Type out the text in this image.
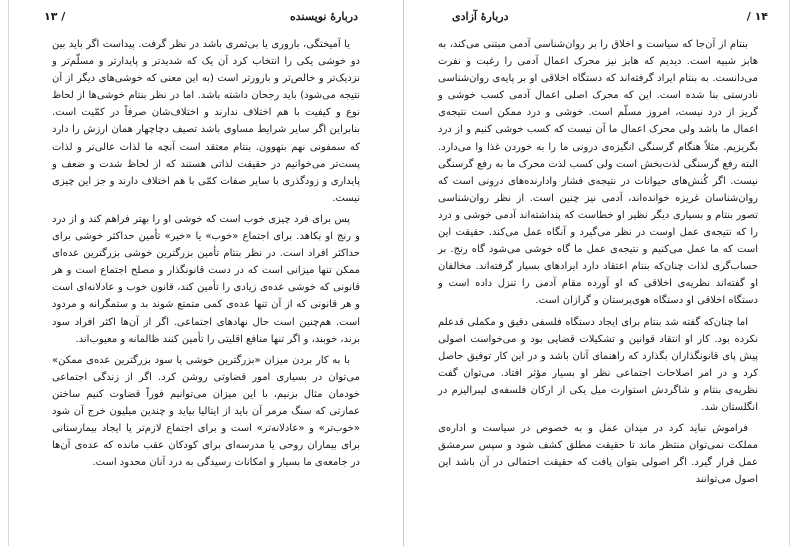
دربارهٔ نویسنده
/ ۱۳

یا آمیختگی، باروری یا بی‌ثمری باشد در نظر گرفت. پیداست اگر باید بین دو خوشی یکی را انتخاب کرد آن یک که شدیدتر و پایدارتر و مسلّم‌تر و نزدیک‌تر و خالص‌تر و بارورتر است (به این معنی که خوشی‌های دیگر از آن نتیجه می‌شود) باید رجحان داشته باشد. اما در نظر بنتام خوشی‌ها از لحاظ نوع و کیفیت با هم اختلاف ندارند و اختلاف‌شان صرفاً در کمّیت است. بنابراین اگر سایر شرایط مساوی باشد تصیف دچاچهار همان ارزش را دارد که سمفونی نهم بتهوون. بنتام معتقد است آنچه ما لذات عالی‌تر و لذات پست‌تر می‌خوانیم در حقیقت لذاتی هستند که از لحاظ شدت و ضعف و پایداری و زودگذری با سایر صفات کمّی با هم اختلاف دارند و جز این چیزی نیست.

پس برای فرد چیزی خوب است که خوشی او را بهتر فراهم کند و از درد و رنج او بکاهد. برای اجتماع «خوب» یا «خیر» تأمین حداکثر خوشی برای حداکثر افراد است. در نظر بنتام تأمین بزرگترین خوشی بزرگترین عده‌ای ممکن تنها میزانی است که در دست قانونگذار و مصلح اجتماع است و هر قانونی که خوشی عده‌ی زیادی را تأمین کند، قانون خوب و عادلانه‌ای است و هر قانونی که از آن تنها عده‌ی کمی متمتع شوند بد و ستمگرانه و مردود است. هم‌چنین است حال نهادهای اجتماعی. اگر از آن‌ها اکثر افراد سود برند، خوبند، و اگر تنها منافع اقلیتی را تأمین کنند ظالمانه و معیوب‌اند.

با به کار بردن میزان «بزرگترین خوشی یا سود بزرگترین عده‌ی ممکن» می‌توان در بسیاری امور قضاوتی روشن کرد. اگر از زندگی اجتماعی خودمان مثال بزنیم، با این میزان می‌توانیم فوراً قضاوت کنیم ساختن عمارتی که سنگ مرمر آن باید از ایتالیا بیاید و چندین میلیون خرج آن شود «خوب‌تر» و «عادلانه‌تر» است و برای اجتماع لازم‌تر یا ایجاد بیمارستانی برای بیماران روحی یا مدرسه‌ای برای کودکان عقب مانده که عده‌ی آن‌ها در جامعه‌ی ما بسیار و امکانات رسیدگی به درد آنان محدود است.

۱۴ /
دربارهٔ آزادی

بنتام از آن‌جا که سیاست و اخلاق را بر روان‌شناسی آدمی مبتنی می‌کند، به هابز شبیه است. دیدیم که هابز نیز محرک اعمال آدمی را رغبت و نفرت می‌دانست. به بنتام ایراد گرفته‌اند که دستگاه اخلاقی او بر پایه‌ی روان‌شناسی نادرستی بنا شده است. این که محرک اصلی اعمال آدمی کسب خوشی و گریز از درد نیست، امروز مسلّم است. خوشی و درد ممکن است نتیجه‌ی اعمال ما باشد ولی محرک اعمال ما آن نیست که کسب خوشی کنیم و از درد بگریزیم. مثلاً هنگام گرسنگی انگیزه‌ی درونی ما را به خوردن غذا وا می‌دارد. البته رفع گرسنگی لذت‌بخش است ولی کسب لذت محرک ما به رفع گرسنگی نیست. اگر کُنش‌های حیوانات در نتیجه‌ی فشار وادارنده‌های درونی است که روان‌شناسان غریزه خوانده‌اند، آدمی نیز چنین است. از نظر روان‌شناسی تصور بنتام و بسیاری دیگر نظیر او خطاست که پنداشته‌اند آدمی خوشی و درد را که نتیجه‌ی عمل اوست در نظر می‌گیرد و آنگاه عمل می‌کند. حقیقت این است که ما عمل می‌کنیم و نتیجه‌ی عمل ما گاه خوشی می‌شود گاه رنج. بر حساب‌گری لذات چنان‌که بنتام اعتقاد دارد ایرادهای بسیار گرفته‌اند. مخالفان او گفته‌اند نظریه‌ی اخلاقی که او آورده مقام آدمی را تنزل داده است و دستگاه اخلاقی او دستگاه هوی‌پرستان و گرازان است.

اما چنان‌که گفته شد بنتام برای ایجاد دستگاه فلسفی دقیق و مکملی قدعلم نکرده بود. کار او انتقاد قوانین و تشکیلات قضایی بود و می‌خواست اصولی پیش پای قانونگذاران بگذارد که راهنمای آنان باشد و در این کار توفیق حاصل کرد و در امر اصلاحات اجتماعی نظر او بسیار مؤثر افتاد. می‌توان گفت نظریه‌ی بنتام و شاگردش استوارت میل یکی از ارکان فلسفه‌ی لیبرالیزم در انگلستان شد.

فراموش نباید کرد در میدان عمل و به خصوص در سیاست و اداره‌ی مملکت نمی‌توان منتظر ماند تا حقیقت مطلق کشف شود و سپس سرمشق عمل قرار گیرد. اگر اصولی بتوان یافت که حقیقت احتمالی در آن باشد این اصول می‌توانند
